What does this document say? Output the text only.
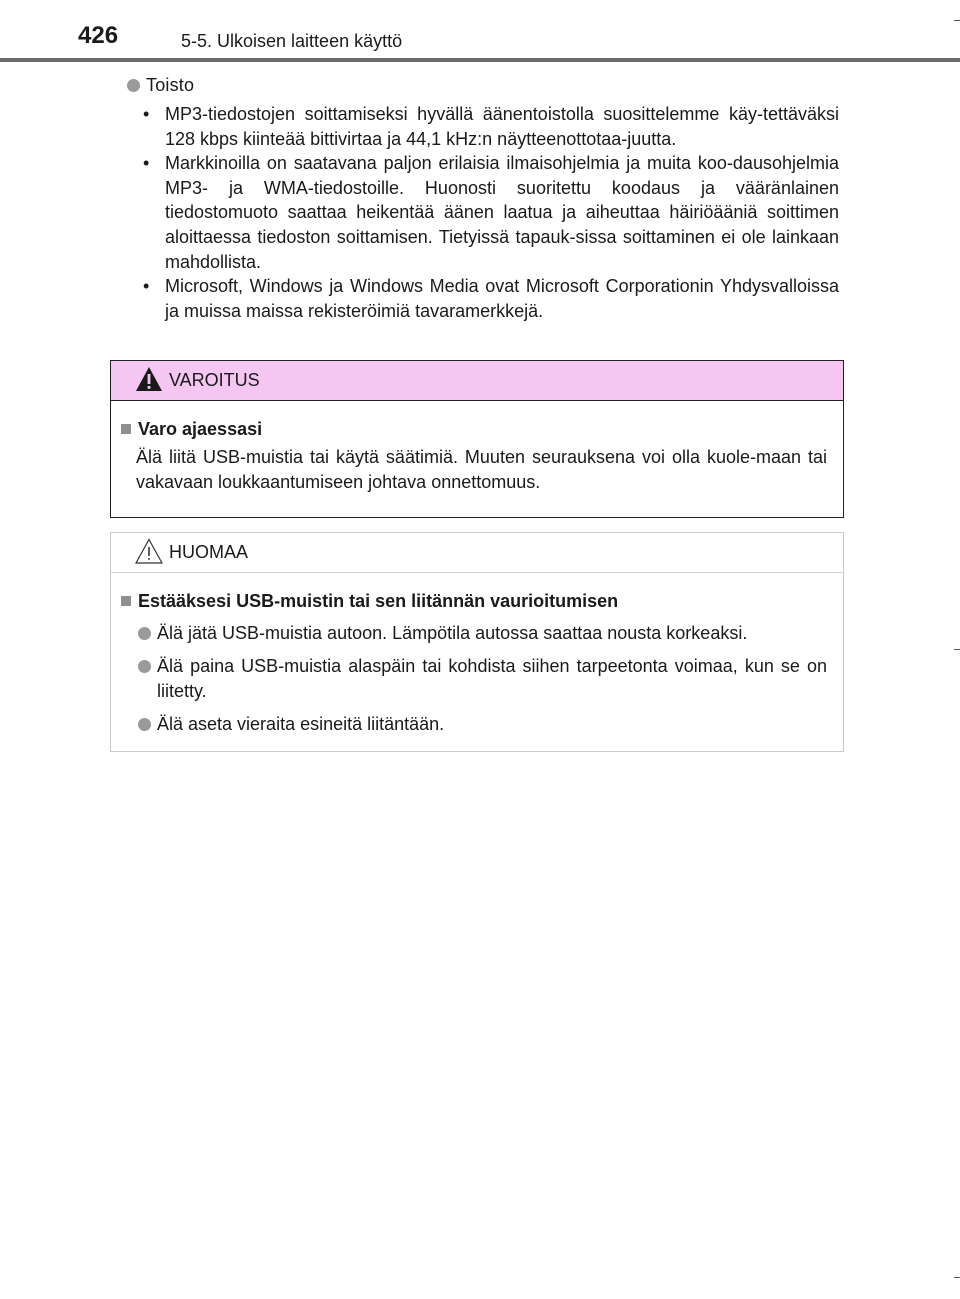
426	5-5. Ulkoisen laitteen käyttö
Toisto
• MP3-tiedostojen soittamiseksi hyvällä äänentoistolla suosittelemme käy-tettäväksi 128 kbps kiinteää bittivirtaa ja 44,1 kHz:n näytteenottotaa-juutta.
• Markkinoilla on saatavana paljon erilaisia ilmaisohjelmia ja muita koo-dausohjelmia MP3- ja WMA-tiedostoille. Huonosti suoritettu koodaus ja vääränlainen tiedostomuoto saattaa heikentää äänen laatua ja aiheuttaa häiriöääniä soittimen aloittaessa tiedoston soittamisen. Tietyissä tapauk-sissa soittaminen ei ole lainkaan mahdollista.
• Microsoft, Windows ja Windows Media ovat Microsoft Corporationin Yhdysvalloissa ja muissa maissa rekisteröimiä tavaramerkkejä.
VAROITUS
Varo ajaessasi
Älä liitä USB-muistia tai käytä säätimiä. Muuten seurauksena voi olla kuole-maan tai vakavaan loukkaantumiseen johtava onnettomuus.
HUOMAA
Estääksesi USB-muistin tai sen liitännän vaurioitumisen
Älä jätä USB-muistia autoon. Lämpötila autossa saattaa nousta korkeaksi.
Älä paina USB-muistia alaspäin tai kohdista siihen tarpeetonta voimaa, kun se on liitetty.
Älä aseta vieraita esineitä liitäntään.
